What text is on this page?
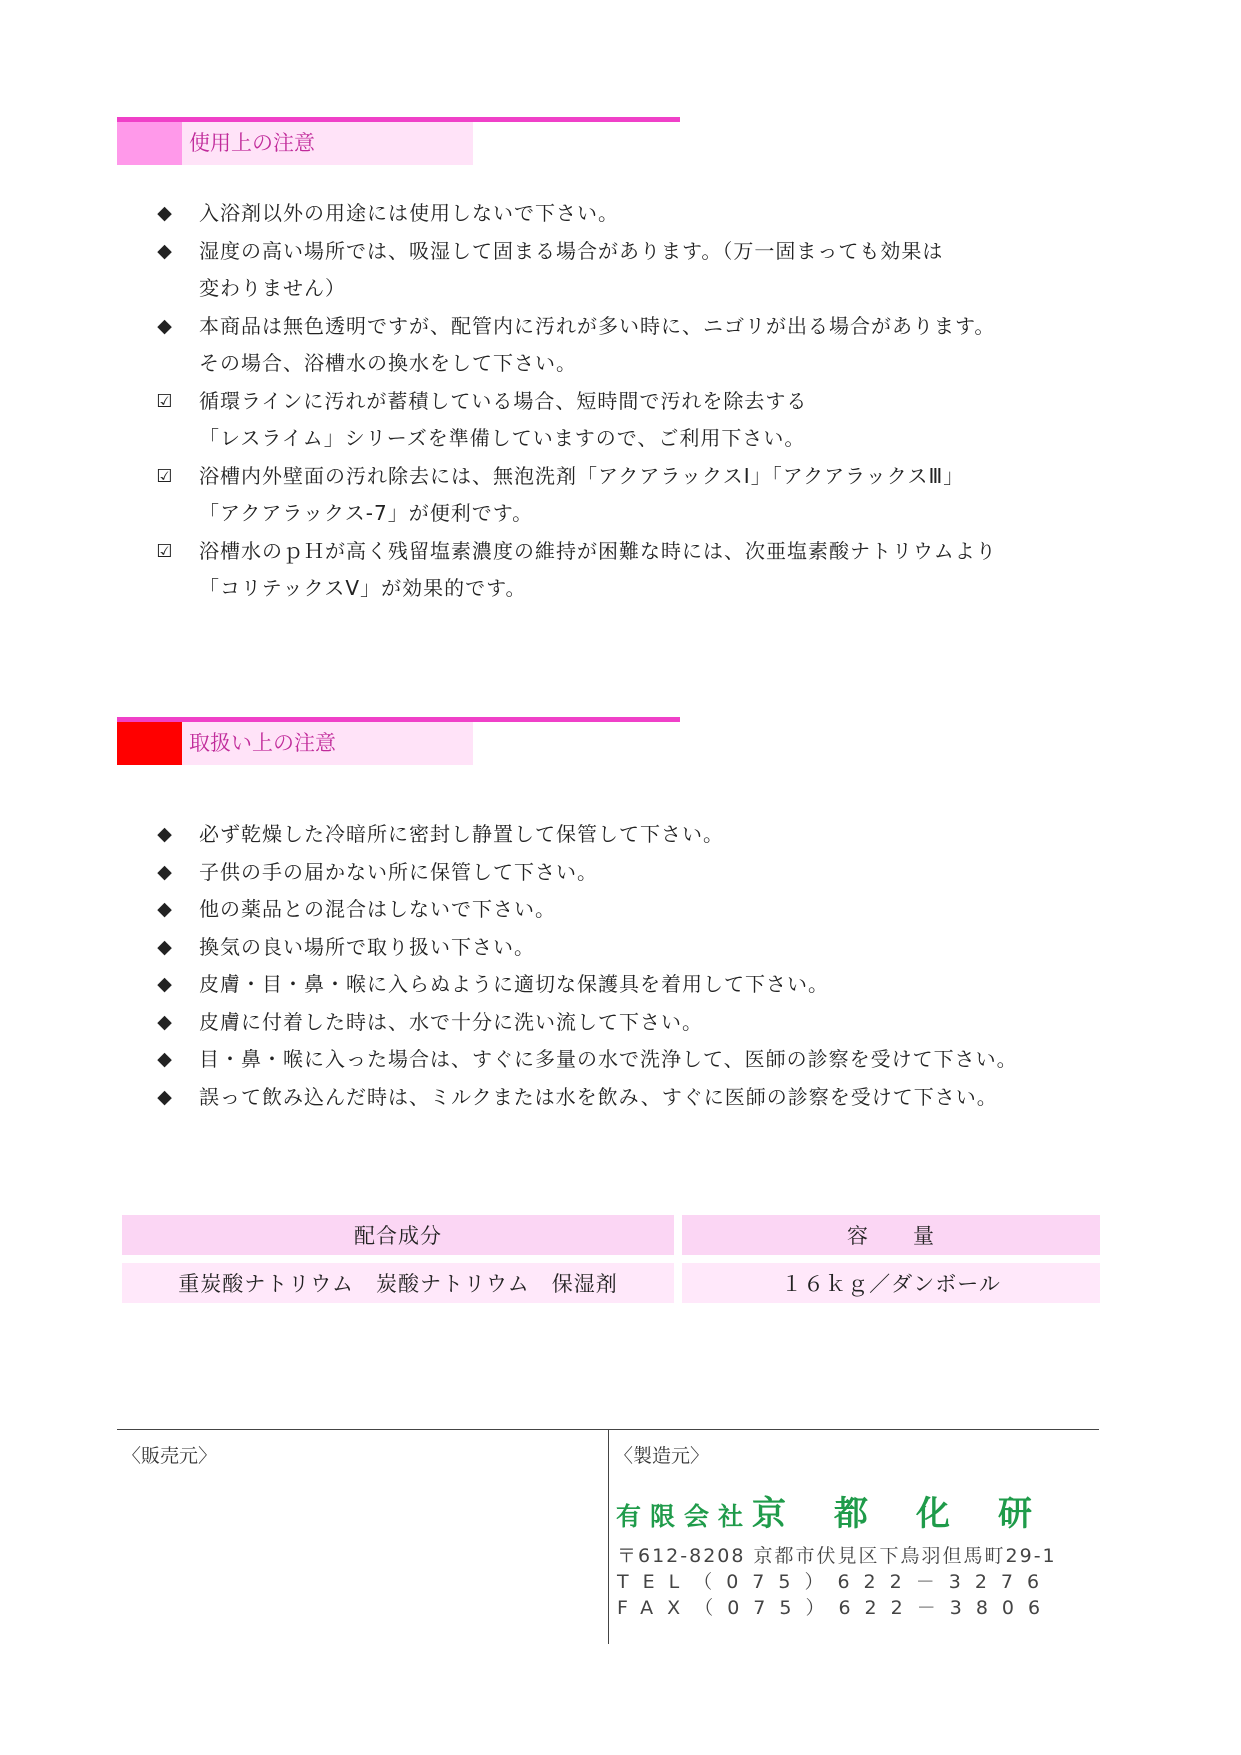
使用上の注意
◆ 入浴剤以外の用途には使用しないで下さい。
◆ 湿度の高い場所では、吸湿して固まる場合があります。（万一固まっても効果は
変わりません）
◆ 本商品は無色透明ですが、配管内に汚れが多い時に、ニゴリが出る場合があります。
その場合、浴槽水の換水をして下さい。
☑ 循環ラインに汚れが蓄積している場合、短時間で汚れを除去する
「レスライム」シリーズを準備していますので、ご利用下さい。
☑ 浴槽内外壁面の汚れ除去には、無泡洗剤「アクアラックスⅠ」「アクアラックスⅢ」
「アクアラックス-7」が便利です。
☑ 浴槽水のｐＨが高く残留塩素濃度の維持が困難な時には、次亜塩素酸ナトリウムより
「コリテックスⅤ」が効果的です。
取扱い上の注意
◆ 必ず乾燥した冷暗所に密封し静置して保管して下さい。
◆ 子供の手の届かない所に保管して下さい。
◆ 他の薬品との混合はしないで下さい。
◆ 換気の良い場所で取り扱い下さい。
◆ 皮膚・目・鼻・喉に入らぬように適切な保護具を着用して下さい。
◆ 皮膚に付着した時は、水で十分に洗い流して下さい。
◆ 目・鼻・喉に入った場合は、すぐに多量の水で洗浄して、医師の診察を受けて下さい。
◆ 誤って飲み込んだ時は、ミルクまたは水を飲み、すぐに医師の診察を受けて下さい。
配合成分	容　　量
重炭酸ナトリウム　炭酸ナトリウム　保湿剤	１６ｋｇ／ダンボール
〈販売元〉	〈製造元〉
有限会社京都化研
〒612-8208 京都市伏見区下鳥羽但馬町29-1
TEL（075）622－3276
FAX（075）622－3806
